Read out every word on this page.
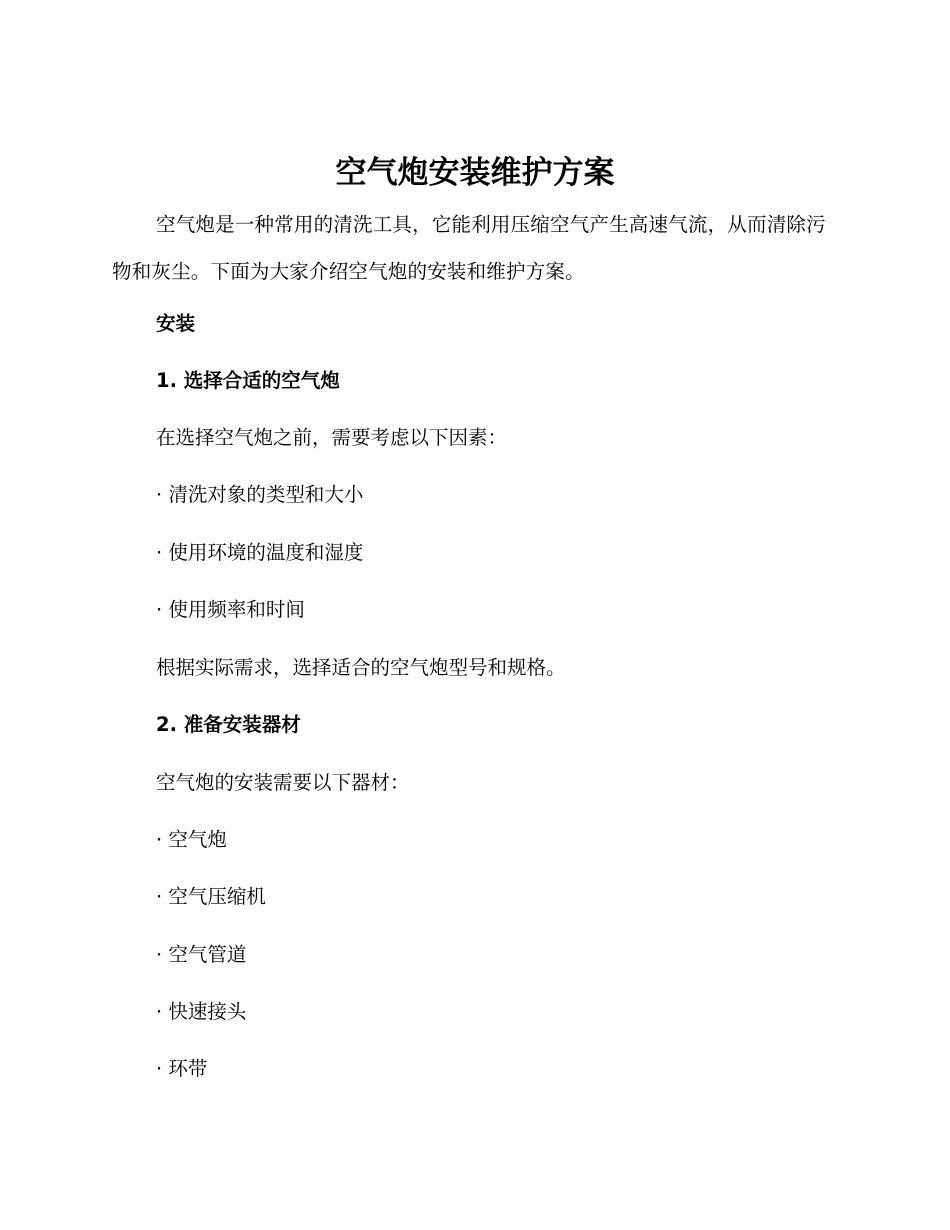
空气炮安装维护方案

空气炮是一种常用的清洗工具，它能利用压缩空气产生高速气流，从而清除污物和灰尘。下面为大家介绍空气炮的安装和维护方案。

安装

1. 选择合适的空气炮

在选择空气炮之前，需要考虑以下因素：

· 清洗对象的类型和大小

· 使用环境的温度和湿度

· 使用频率和时间

根据实际需求，选择适合的空气炮型号和规格。

2. 准备安装器材

空气炮的安装需要以下器材：

· 空气炮

· 空气压缩机

· 空气管道

· 快速接头

· 环带
